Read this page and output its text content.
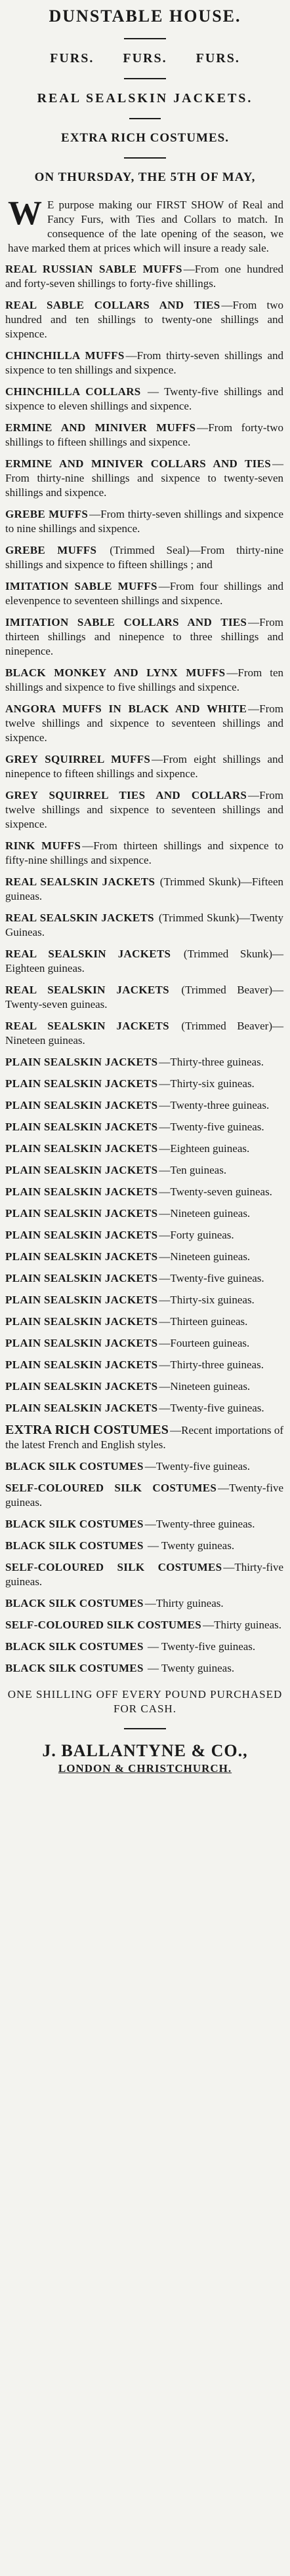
DUNSTABLE HOUSE.
FURS. FURS. FURS.
REAL SEALSKIN JACKETS.
EXTRA RICH COSTUMES.
ON THURSDAY, THE 5TH OF MAY,
W E purpose making our FIRST SHOW of Real and Fancy Furs, with Ties and Collars to match. In consequence of the late opening of the season, we have marked them at prices which will insure a ready sale.
REAL RUSSIAN SABLE MUFFS —From one hundred and forty-seven shillings to forty-five shillings.
REAL SABLE COLLARS AND TIES —From two hundred and ten shillings to twenty-one shillings and sixpence.
CHINCHILLA MUFFS —From thirty-seven shillings and sixpence to ten shillings and sixpence.
CHINCHILLA COLLARS — Twenty-five shillings and sixpence to eleven shillings and sixpence.
ERMINE AND MINIVER MUFFS —From forty-two shillings to fifteen shillings and sixpence.
ERMINE AND MINIVER COLLARS AND TIES —From thirty-nine shillings and sixpence to twenty-seven shillings and sixpence.
GREBE MUFFS —From thirty-seven shillings and sixpence to nine shillings and sixpence.
GREBE MUFFS (Trimmed Seal)—From thirty-nine shillings and sixpence to fifteen shillings ; and
IMITATION SABLE MUFFS —From four shillings and elevenpence to seventeen shillings and sixpence.
IMITATION SABLE COLLARS AND TIES —From thirteen shillings and ninepence to three shillings and ninepence.
BLACK MONKEY AND LYNX MUFFS —From ten shillings and sixpence to five shillings and sixpence.
ANGORA MUFFS IN BLACK AND WHITE —From twelve shillings and sixpence to seventeen shillings and sixpence.
GREY SQUIRREL MUFFS —From eight shillings and ninepence to fifteen shillings and sixpence.
GREY SQUIRREL TIES AND COLLARS —From twelve shillings and sixpence to seventeen shillings and sixpence.
RINK MUFFS —From thirteen shillings and sixpence to fifty-nine shillings and sixpence.
REAL SEALSKIN JACKETS (Trimmed Skunk)—Fifteen guineas.
REAL SEALSKIN JACKETS (Trimmed Skunk)—Twenty Guineas.
REAL SEALSKIN JACKETS (Trimmed Skunk)—Eighteen guineas.
REAL SEALSKIN JACKETS (Trimmed Beaver)—Twenty-seven guineas.
REAL SEALSKIN JACKETS (Trimmed Beaver)—Nineteen guineas.
PLAIN SEALSKIN JACKETS —Thirty-three guineas.
PLAIN SEALSKIN JACKETS —Thirty-six guineas.
PLAIN SEALSKIN JACKETS —Twenty-three guineas.
PLAIN SEALSKIN JACKETS —Twenty-five guineas.
PLAIN SEALSKIN JACKETS —Eighteen guineas.
PLAIN SEALSKIN JACKETS —Ten guineas.
PLAIN SEALSKIN JACKETS —Twenty-seven guineas.
PLAIN SEALSKIN JACKETS —Nineteen guineas.
PLAIN SEALSKIN JACKETS —Forty guineas.
PLAIN SEALSKIN JACKETS —Nineteen guineas.
PLAIN SEALSKIN JACKETS —Twenty-five guineas.
PLAIN SEALSKIN JACKETS —Thirty-six guineas.
PLAIN SEALSKIN JACKETS —Thirteen guineas.
PLAIN SEALSKIN JACKETS —Fourteen guineas.
PLAIN SEALSKIN JACKETS —Thirty-three guineas.
PLAIN SEALSKIN JACKETS —Nineteen guineas.
PLAIN SEALSKIN JACKETS —Twenty-five guineas.
EXTRA RICH COSTUMES —Recent importations of the latest French and English styles.
BLACK SILK COSTUMES —Twenty-five guineas.
SELF-COLOURED SILK COSTUMES —Twenty-five guineas.
BLACK SILK COSTUMES —Twenty-three guineas.
BLACK SILK COSTUMES — Twenty guineas.
SELF-COLOURED SILK COSTUMES —Thirty-five guineas.
BLACK SILK COSTUMES —Thirty guineas.
SELF-COLOURED SILK COSTUMES —Thirty guineas.
BLACK SILK COSTUMES — Twenty-five guineas.
BLACK SILK COSTUMES — Twenty guineas.
ONE SHILLING OFF EVERY POUND PURCHASED FOR CASH.
J. BALLANTYNE & CO.,
LONDON & CHRISTCHURCH.
